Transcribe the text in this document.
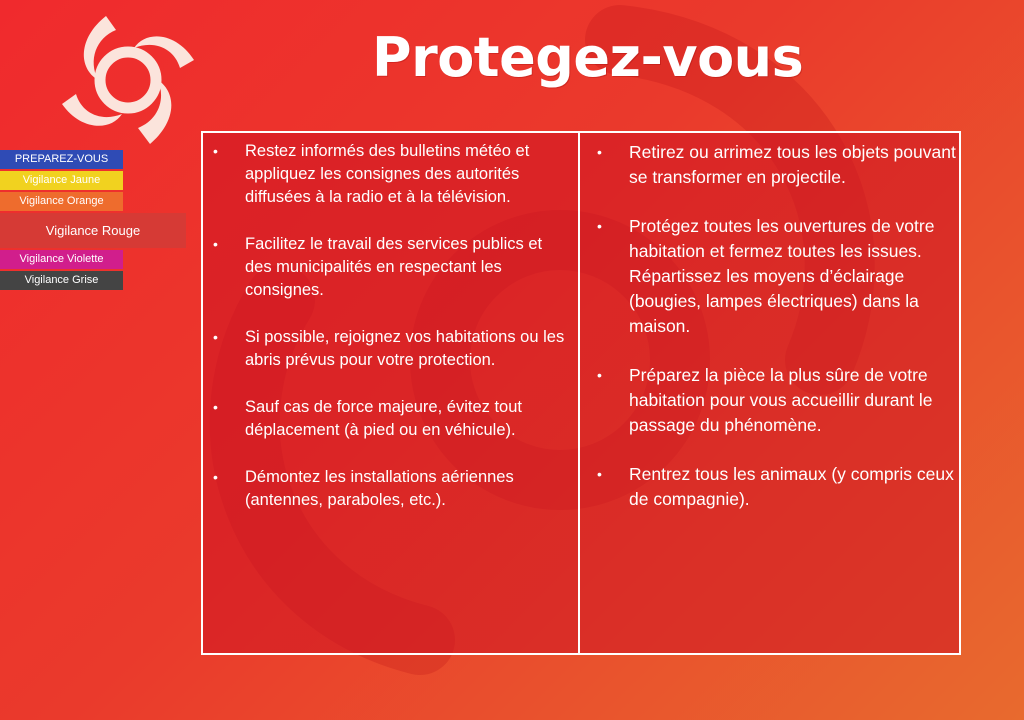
Protegez-vous
PREPAREZ-VOUS
Vigilance Jaune
Vigilance Orange
Vigilance Rouge
Vigilance Violette
Vigilance Grise

• Restez informés des bulletins météo et appliquez les consignes des autorités diffusées à la radio et à la télévision.

• Facilitez le travail des services publics et des municipalités en respectant les consignes.

• Si possible, rejoignez vos habitations ou les abris prévus pour votre protection.

• Sauf cas de force majeure, évitez tout déplacement (à pied ou en véhicule).

• Démontez les installations aériennes (antennes, paraboles, etc.).

• Retirez ou arrimez tous les objets pouvant se transformer en projectile.

• Protégez toutes les ouvertures de votre habitation et fermez toutes les issues. Répartissez les moyens d’éclairage (bougies, lampes électriques) dans la maison.

• Préparez la pièce la plus sûre de votre habitation pour vous accueillir durant le passage du phénomène.

• Rentrez tous les animaux (y compris ceux de compagnie).
